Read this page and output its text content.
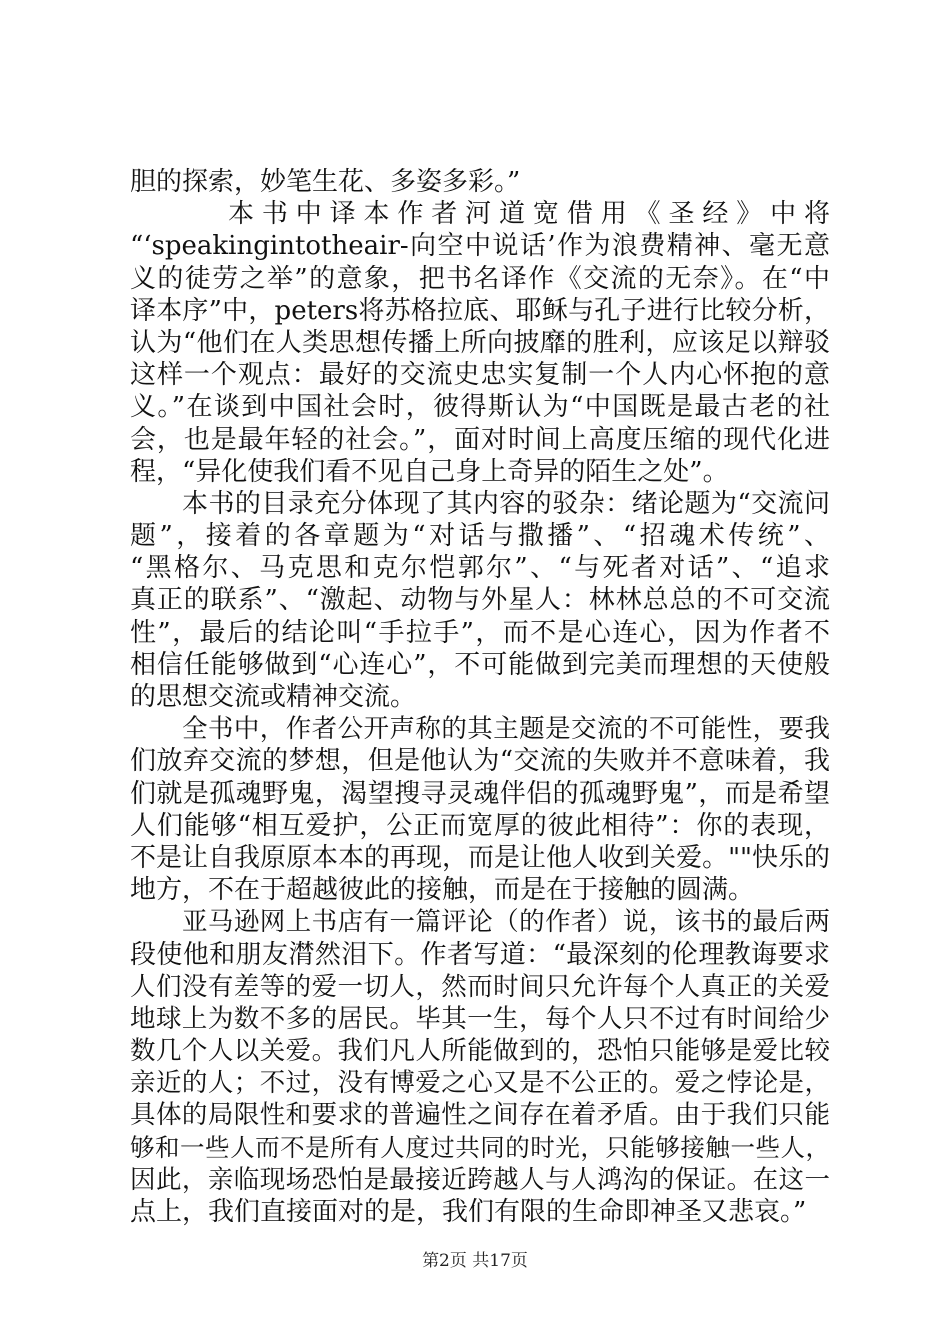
胆的探索，妙笔生花、多姿多彩。”
本书中译本作者河道宽借用《圣经》中将
“‘speakingintotheair-向空中说话’作为浪费精神、毫无意
义的徒劳之举”的意象，把书名译作《交流的无奈》。在“中
译本序”中，peters将苏格拉底、耶稣与孔子进行比较分析，
认为“他们在人类思想传播上所向披靡的胜利，应该足以辩驳
这样一个观点：最好的交流史忠实复制一个人内心怀抱的意
义。”在谈到中国社会时，彼得斯认为“中国既是最古老的社
会，也是最年轻的社会。”，面对时间上高度压缩的现代化进
程，“异化使我们看不见自己身上奇异的陌生之处”。
本书的目录充分体现了其内容的驳杂：绪论题为“交流问
题”，接着的各章题为“对话与撒播”、“招魂术传统”、
“黑格尔、马克思和克尔恺郭尔”、“与死者对话”、“追求
真正的联系”、“激起、动物与外星人：林林总总的不可交流
性”，最后的结论叫“手拉手”，而不是心连心，因为作者不
相信任能够做到“心连心”，不可能做到完美而理想的天使般
的思想交流或精神交流。
全书中，作者公开声称的其主题是交流的不可能性，要我
们放弃交流的梦想，但是他认为“交流的失败并不意味着，我
们就是孤魂野鬼，渴望搜寻灵魂伴侣的孤魂野鬼”，而是希望
人们能够“相互爱护，公正而宽厚的彼此相待”：你的表现，
不是让自我原原本本的再现，而是让他人收到关爱。""快乐的
地方，不在于超越彼此的接触，而是在于接触的圆满。
亚马逊网上书店有一篇评论（的作者）说，该书的最后两
段使他和朋友潸然泪下。作者写道：“最深刻的伦理教诲要求
人们没有差等的爱一切人，然而时间只允许每个人真正的关爱
地球上为数不多的居民。毕其一生，每个人只不过有时间给少
数几个人以关爱。我们凡人所能做到的，恐怕只能够是爱比较
亲近的人；不过，没有博爱之心又是不公正的。爱之悖论是，
具体的局限性和要求的普遍性之间存在着矛盾。由于我们只能
够和一些人而不是所有人度过共同的时光，只能够接触一些人，
因此，亲临现场恐怕是最接近跨越人与人鸿沟的保证。在这一
点上，我们直接面对的是，我们有限的生命即神圣又悲哀。”
第2页 共17页
